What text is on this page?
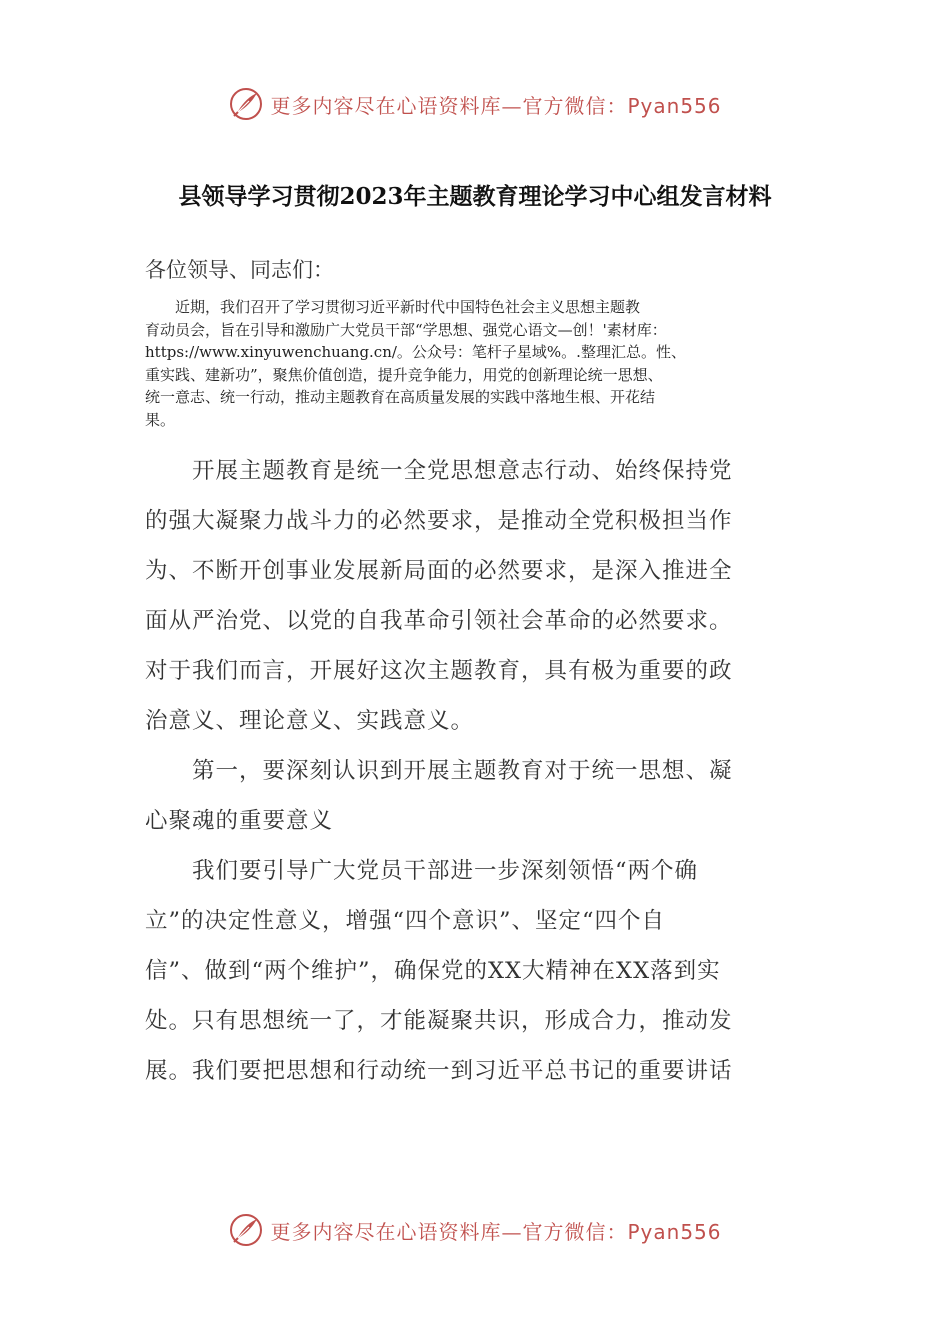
更多内容尽在心语资料库—官方微信：Pyan556
县领导学习贯彻2023年主题教育理论学习中心组发言材料
各位领导、同志们：
　　近期，我们召开了学习贯彻习近平新时代中国特色社会主义思想主题教
育动员会，旨在引导和激励广大党员干部“学思想、强党心语文—创！'素材库：
https://www.xinyuwenchuang.cn/。公众号：笔杆子星域%。.整理汇总。性、
重实践、建新功”，聚焦价值创造，提升竞争能力，用党的创新理论统一思想、
统一意志、统一行动，推动主题教育在高质量发展的实践中落地生根、开花结
果。
　　开展主题教育是统一全党思想意志行动、始终保持党
的强大凝聚力战斗力的必然要求，是推动全党积极担当作
为、不断开创事业发展新局面的必然要求，是深入推进全
面从严治党、以党的自我革命引领社会革命的必然要求。
对于我们而言，开展好这次主题教育，具有极为重要的政
治意义、理论意义、实践意义。
　　第一，要深刻认识到开展主题教育对于统一思想、凝
心聚魂的重要意义
　　我们要引导广大党员干部进一步深刻领悟“两个确
立”的决定性意义，增强“四个意识”、坚定“四个自
信”、做到“两个维护”，确保党的XX大精神在XX落到实
处。只有思想统一了，才能凝聚共识，形成合力，推动发
展。我们要把思想和行动统一到习近平总书记的重要讲话
更多内容尽在心语资料库—官方微信：Pyan556
